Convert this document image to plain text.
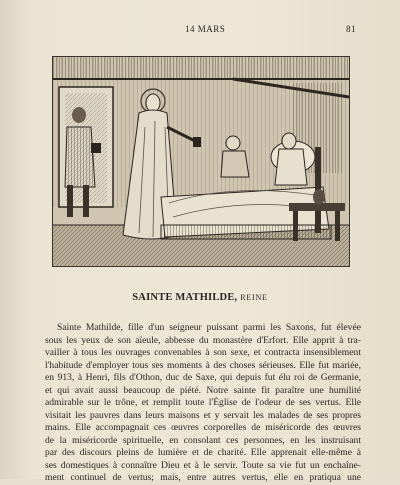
14 MARS	81
SAINTE MATHILDE, REINE
Sainte Mathilde, fille d'un seigneur puissant parmi les Saxons, fut élevée
sous les yeux de son aïeule, abbesse du monastère d'Erfort. Elle apprit à tra-
vailler à tous les ouvrages convenables à son sexe, et contracta insensiblement
l'habitude d'employer tous ses moments à des choses sérieuses. Elle fut mariée,
en 913, à Henri, fils d'Othon, duc de Saxe, qui depuis fut élu roi de Germanie,
et qui avait aussi beaucoup de piété. Notre sainte fit paraître une humilité
admirable sur le trône, et remplit toute l'Église de l'odeur de ses vertus. Elle
visitait les pauvres dans leurs maisons et y servait les malades de ses propres
mains. Elle accompagnait ces œuvres corporelles de miséricorde des œuvres
de la miséricorde spirituelle, en consolant ces personnes, en les instruisant
par des discours pleins de lumière et de charité. Elle apprenait elle-même à
ses domestiques à connaître Dieu et à le servir. Toute sa vie fut un enchaîne-
ment continuel de vertus; mais, entre autres vertus, elle en pratiqua une
